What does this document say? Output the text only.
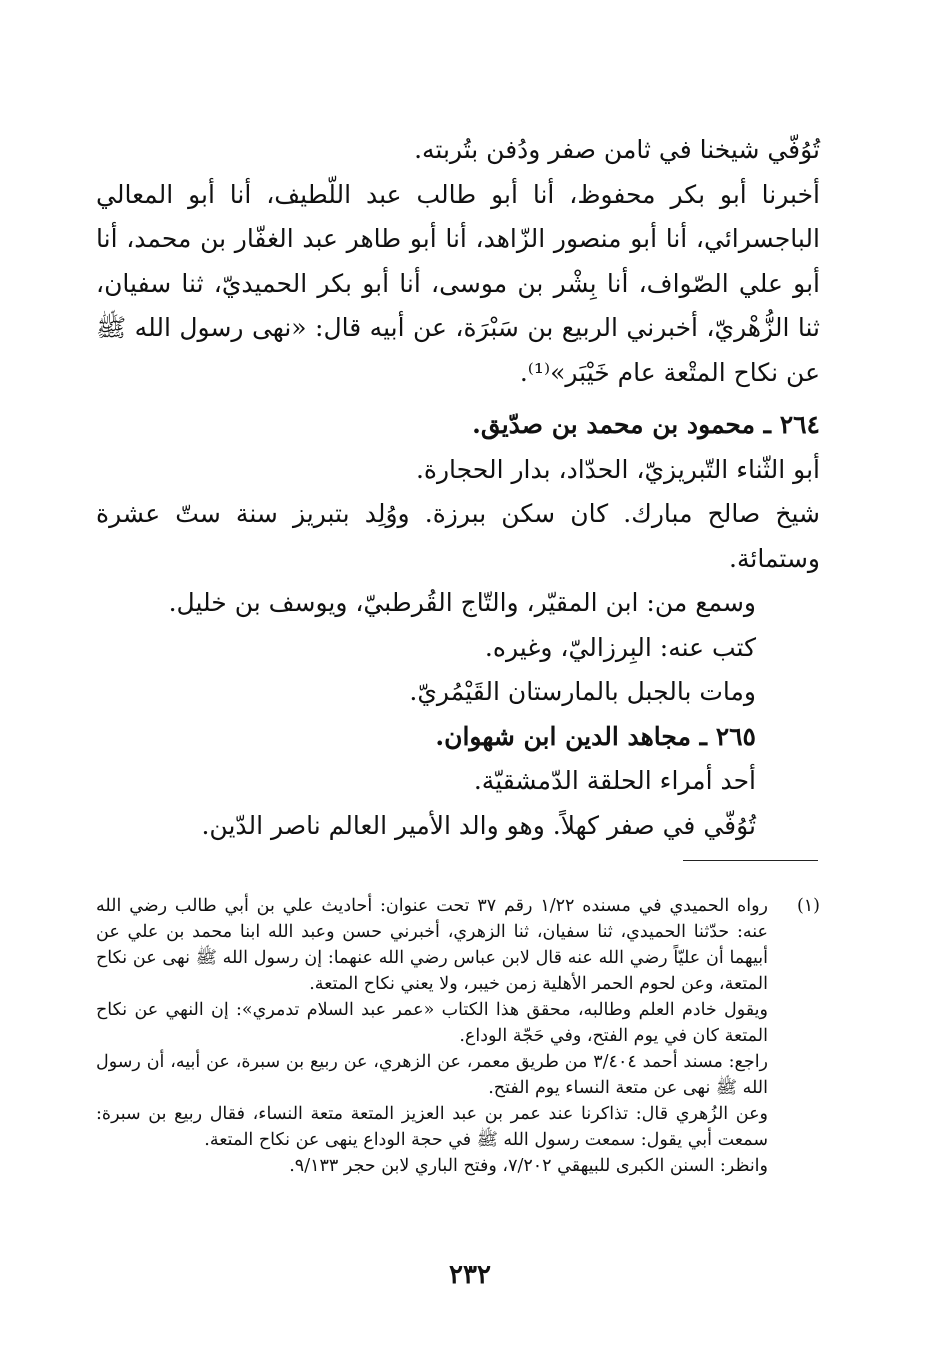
تُوُفّي شيخنا في ثامن صفر ودُفن بتُربته.

أخبرنا أبو بكر محفوظ، أنا أبو طالب عبد اللّطيف، أنا أبو المعالي الباجسرائي، أنا أبو منصور الزّاهد، أنا أبو طاهر عبد الغفّار بن محمد، أنا أبو علي الصّواف، أنا بِشْر بن موسى، أنا أبو بكر الحميديّ، ثنا سفيان، ثنا الزُّهْريّ، أخبرني الربيع بن سَبْرَة، عن أبيه قال: «نهى رسول الله ﷺ عن نكاح المتْعة عام خَيْبَر»⁽¹⁾.

٢٦٤ ـ محمود بن محمد بن صدّيق.

أبو الثّناء التّبريزيّ، الحدّاد، بدار الحجارة.

شيخ صالح مبارك. كان سكن ببرزة. ووُلِد بتبريز سنة ستّ عشرة وستمائة.

وسمع من: ابن المقيّر، والتّاج القُرطبيّ، ويوسف بن خليل.

كتب عنه: البِرزاليّ، وغيره.

ومات بالجبل بالمارستان القَيْمُريّ.

٢٦٥ ـ مجاهد الدين ابن شهوان.

أحد أمراء الحلقة الدّمشقيّة.

تُوُفّي في صفر كهلاً. وهو والد الأمير العالم ناصر الدّين.

(١)

رواه الحميدي في مسنده ١/٢٢ رقم ٣٧ تحت عنوان: أحاديث علي بن أبي طالب رضي الله عنه: حدّثنا الحميدي، ثنا سفيان، ثنا الزهري، أخبرني حسن وعبد الله ابنا محمد بن علي عن أبيهما أن عليّاً رضي الله عنه قال لابن عباس رضي الله عنهما: إن رسول الله ﷺ نهى عن نكاح المتعة، وعن لحوم الحمر الأهلية زمن خيبر، ولا يعني نكاح المتعة.

ويقول خادم العلم وطالبه، محقق هذا الكتاب «عمر عبد السلام تدمري»: إن النهي عن نكاح المتعة كان في يوم الفتح، وفي حَجّة الوداع.

راجع: مسند أحمد ٣/٤٠٤ من طريق معمر، عن الزهري، عن ربيع بن سبرة، عن أبيه، أن رسول الله ﷺ نهى عن متعة النساء يوم الفتح.

وعن الزُهري قال: تذاكرنا عند عمر بن عبد العزيز المتعة متعة النساء، فقال ربيع بن سبرة: سمعت أبي يقول: سمعت رسول الله ﷺ في حجة الوداع ينهى عن نكاح المتعة.

وانظر: السنن الكبرى للبيهقي ٧/٢٠٢، وفتح الباري لابن حجر ٩/١٣٣.

٢٣٢
